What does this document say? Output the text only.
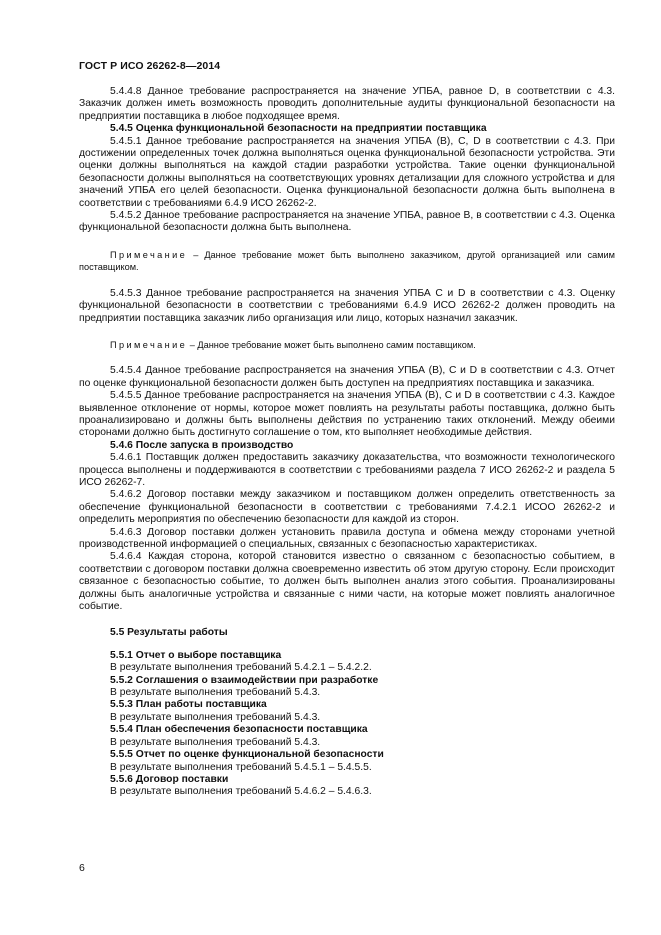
ГОСТ Р ИСО 26262-8—2014

5.4.4.8 Данное требование распространяется на значение УПБА, равное D, в соответствии с 4.3. Заказчик должен иметь возможность проводить дополнительные аудиты функциональной безопасности на предприятии поставщика в любое подходящее время.

5.4.5 Оценка функциональной безопасности на предприятии поставщика

5.4.5.1 Данное требование распространяется на значения УПБА (B), C, D в соответствии с 4.3. При достижении определенных точек должна выполняться оценка функциональной безопасности устройства. Эти оценки должны выполняться на каждой стадии разработки устройства. Такие оценки функциональной безопасности должны выполняться на соответствующих уровнях детализации для сложного устройства и для значений УПБА его целей безопасности. Оценка функциональной безопасности должна быть выполнена в соответствии с требованиями 6.4.9 ИСО 26262-2.

5.4.5.2 Данное требование распространяется на значение УПБА, равное B, в соответствии с 4.3. Оценка функциональной безопасности должна быть выполнена.

Примечание – Данное требование может быть выполнено заказчиком, другой организацией или самим поставщиком.

5.4.5.3 Данное требование распространяется на значения УПБА C и D в соответствии с 4.3. Оценку функциональной безопасности в соответствии с требованиями 6.4.9 ИСО 26262-2 должен проводить на предприятии поставщика заказчик либо организация или лицо, которых назначил заказчик.

Примечание – Данное требование может быть выполнено самим поставщиком.

5.4.5.4 Данное требование распространяется на значения УПБА (B), C и D в соответствии с 4.3. Отчет по оценке функциональной безопасности должен быть доступен на предприятиях поставщика и заказчика.

5.4.5.5 Данное требование распространяется на значения УПБА (B), C и D в соответствии с 4.3. Каждое выявленное отклонение от нормы, которое может повлиять на результаты работы поставщика, должно быть проанализировано и должны быть выполнены действия по устранению таких отклонений. Между обеими сторонами должно быть достигнуто соглашение о том, кто выполняет необходимые действия.

5.4.6 После запуска в производство

5.4.6.1 Поставщик должен предоставить заказчику доказательства, что возможности технологического процесса выполнены и поддерживаются в соответствии с требованиями раздела 7 ИСО 26262-2 и раздела 5 ИСО 26262-7.

5.4.6.2 Договор поставки между заказчиком и поставщиком должен определить ответственность за обеспечение функциональной безопасности в соответствии с требованиями 7.4.2.1 ИСОО 26262-2 и определить мероприятия по обеспечению безопасности для каждой из сторон.

5.4.6.3 Договор поставки должен установить правила доступа и обмена между сторонами учетной производственной информацией о специальных, связанных с безопасностью характеристиках.

5.4.6.4 Каждая сторона, которой становится известно о связанном с безопасностью событием, в соответствии с договором поставки должна своевременно известить об этом другую сторону. Если происходит связанное с безопасностью событие, то должен быть выполнен анализ этого события. Проанализированы должны быть аналогичные устройства и связанные с ними части, на которые может повлиять аналогичное событие.

5.5 Результаты работы

5.5.1 Отчет о выборе поставщика

В результате выполнения требований 5.4.2.1 – 5.4.2.2.

5.5.2 Соглашения о взаимодействии при разработке

В результате выполнения требований 5.4.3.

5.5.3 План работы поставщика

В результате выполнения требований 5.4.3.

5.5.4 План обеспечения безопасности поставщика

В результате выполнения требований 5.4.3.

5.5.5 Отчет по оценке функциональной безопасности

В результате выполнения требований 5.4.5.1 – 5.4.5.5.

5.5.6 Договор поставки

В результате выполнения требований 5.4.6.2 – 5.4.6.3.

6
